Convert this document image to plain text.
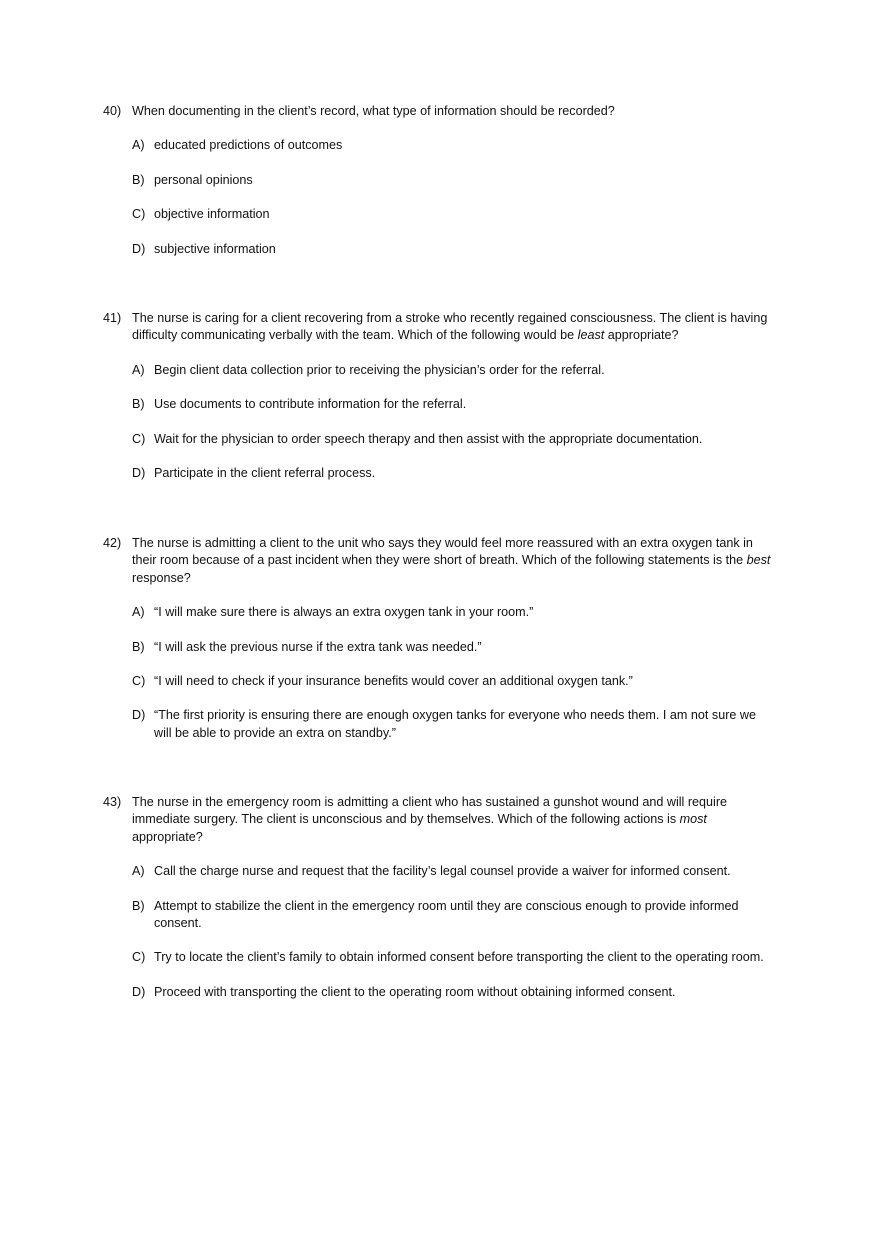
40) When documenting in the client’s record, what type of information should be recorded?
A) educated predictions of outcomes
B) personal opinions
C) objective information
D) subjective information
41) The nurse is caring for a client recovering from a stroke who recently regained consciousness. The client is having difficulty communicating verbally with the team. Which of the following would be least appropriate?
A) Begin client data collection prior to receiving the physician’s order for the referral.
B) Use documents to contribute information for the referral.
C) Wait for the physician to order speech therapy and then assist with the appropriate documentation.
D) Participate in the client referral process.
42) The nurse is admitting a client to the unit who says they would feel more reassured with an extra oxygen tank in their room because of a past incident when they were short of breath. Which of the following statements is the best response?
A) “I will make sure there is always an extra oxygen tank in your room.”
B) “I will ask the previous nurse if the extra tank was needed.”
C) “I will need to check if your insurance benefits would cover an additional oxygen tank.”
D) “The first priority is ensuring there are enough oxygen tanks for everyone who needs them. I am not sure we will be able to provide an extra on standby.”
43) The nurse in the emergency room is admitting a client who has sustained a gunshot wound and will require immediate surgery. The client is unconscious and by themselves. Which of the following actions is most appropriate?
A) Call the charge nurse and request that the facility’s legal counsel provide a waiver for informed consent.
B) Attempt to stabilize the client in the emergency room until they are conscious enough to provide informed consent.
C) Try to locate the client’s family to obtain informed consent before transporting the client to the operating room.
D) Proceed with transporting the client to the operating room without obtaining informed consent.
